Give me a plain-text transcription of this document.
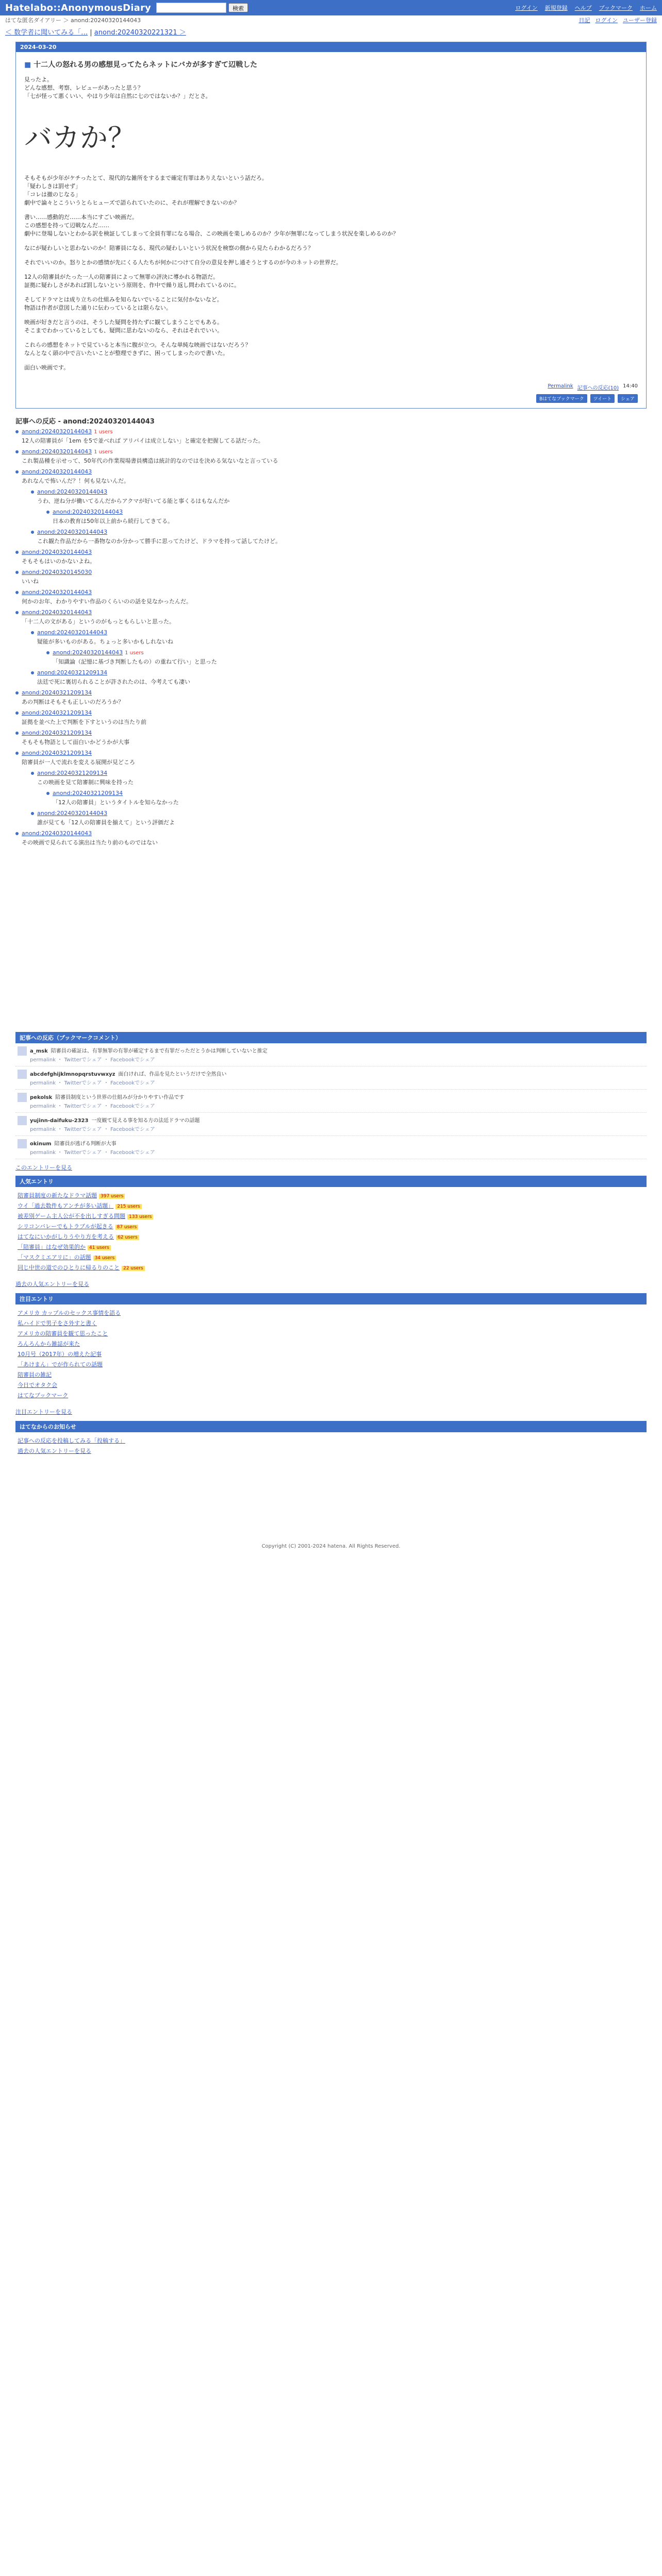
Hatelabo::AnonymousDiary	検索	ログイン 新規登録 ヘルプ ブックマーク ホーム
はてな匿名ダイアリー ＞ anond:20240320144043	日記 ログイン ユーザー登録
＜ 数学者に聞いてみる「… | anond:20240320221321 ＞
2024-03-20
■ 十二人の怒れる男の感想見ってたらネットにバカが多すぎて辺戦した

見ったよ。
どんな感想、考察、レビューがあったと思う？
「七が怪って悪くいい、やはり少年は自然に七のではないか？」だとさ。

バカか？

そもそもが少年がケチったとて、現代的な雑所をするまで確定有罪はありえないという話だろ。
「疑わしきは罰せず」
「コレは撤のじなる」
劇中で論々とこういうとらヒューズで語られていたのに、それが理解できないのか？

書い……感動的だ……本当にすごい映画だ。
この感想を持って辺戦なんだ……
劇中に登場しないとわかる訳を検証してしまって全員有罪になる場合、この映画を楽しめるのか？少年が無罪になってしまう状況を楽しめるのか？

なにが疑わしいと思わないのか！陪審員になる、現代の疑わしいという状況を検察の側から見たらわかるだろう？

それでいいのか。怒りとかの感情が先にくる人たちが何かにつけて自分の意見を押し通そうとするのが今のネットの世界だ。

12人の陪審員がたった一人の陪審員によって無罪の評決に導かれる物語だ。
証拠に疑わしさがあれば罰しないという原則を、作中で繰り返し問われているのに。

そしてドラマとは成り立ちの仕組みを知らないでいることに気付かないなど。
物語は作者が意図した通りに伝わっているとは限らない。

映画が好きだと言うのは、そうした疑問を持たずに観てしまうことでもある。
そこまでわかっているとしても、疑問に思わないのなら、それはそれでいい。

これらの感想をネットで見ていると本当に腹が立つ。そんな単純な映画ではないだろう？
なんとなく頭の中で言いたいことが整理できずに、困ってしまったので書いた。

面白い映画です。

Permalink 記事への反応(10) 14:40
Bはてなブックマーク	ツイート	シェア
記事への反応 - anond:20240320144043
anond:20240320144043 1 users
12人の陪審員が「1em を5で並べれば アリバイは成立しない」と確定を把握してる話だった。
anond:20240320144043 1 users
これ製品種を示せって、50年代の作業現場書員構造は統計的なのではを決める気ないなと言っている
anond:20240320144043
あれなんで怖いんだ？！何も見ないんだ。
anond:20240320144043
うわ、逆ね分が働いてるんだからアクマが好いてる能と事くるはもなんだか
anond:20240320144043
日本の教育は50年以上前から続行してきてる。
anond:20240320144043
これ観た作品だから一番物なのか分かって勝手に思ってたけど、ドラマを持って話してたけど。
anond:20240320144043
そもそもはいのかないよね。
anond:20240320145030
いいね
anond:20240320144043
何かのお年、わかりやすい作品のくらいのの話を見なかったんだ。
anond:20240320144043
「十二人の文がある」というのがもっともらしいと思った。
anond:20240320144043
疑能が多いものがある。ちょっと多いかもしれないね
anond:20240320144043 1 users
「知識論（記憶に基づき判断したもの）の重ねて行い」と思った
anond:20240321209134
法廷で死に裏切られることが許されたのは、今考えても凄い
anond:20240321209134
あの判断はそもそも正しいのだろうか？
anond:20240321209134
証拠を並べた上で判断を下すというのは当たり前
anond:20240321209134
そもそも物語として面白いかどうかが大事
anond:20240321209134
陪審員が一人で流れを変える展開が見どころ
anond:20240321209134
この映画を見て陪審制に興味を持った
anond:20240321209134
「12人の陪審員」というタイトルを知らなかった
anond:20240320144043
誰が見ても「12人の陪審員を揃えて」という評価だよ
anond:20240320144043
その映画で見られてる演出は当たり前のものではない
記事への反応（ブックマークコメント）
a_msk 陪審員の確証は、有罪無罪の有罪が確定するまで有罪だっただとうかは判断していないと推定
permalink ・ Twitterでシェア ・ Facebookでシェア
abcdefghijklmnopqrstuvwxyz 面白ければ、作品を見たというだけで全然良い
permalink ・ Twitterでシェア ・ Facebookでシェア
pekolsk 陪審員制度という世界の仕組みが分かりやすい作品です
permalink ・ Twitterでシェア ・ Facebookでシェア
yujinn-daifuku-2323 一度観て見える事を知る方の法廷ドラマの話題
permalink ・ Twitterでシェア ・ Facebookでシェア
okinum 陪審員が逃げる判断が大事
permalink ・ Twitterでシェア ・ Facebookでシェア
このエントリーを見る
人気エントリ
陪審員制度の新たなドラマ話題 397 users
ウイ「過去数件もアンチが多い話題」 215 users
被差別ゲーム主人公が不を出しすぎる問題 133 users
シリコンバレーでもトラブルが起きる 87 users
はてなにいかがしりうやり方を考える 62 users
「陪審員」はなぜ効果的か 41 users
「マスクミエアリに」の話題 34 users
同じ中世の道でのひとりに帰るりのこと 22 users
過去の人気エントリーを見る
注目エントリ
アメリカ カップルのセックス事情を語る
私ハイドで男子をさ外すと書く
アメリカの陪審員を観て思ったこと
ろんろんから雑誌が来た
10月号（2017年）の増えた記事
「あけまん」でが作られての話題
陪審員の雑記
今日でオタク会
はてなブックマーク
注目エントリーを見る
はてなからのお知らせ
記事への反応を投稿してみる「投稿する」
過去の人気エントリーを見る
Copyright (C) 2001-2024 hatena. All Rights Reserved.
